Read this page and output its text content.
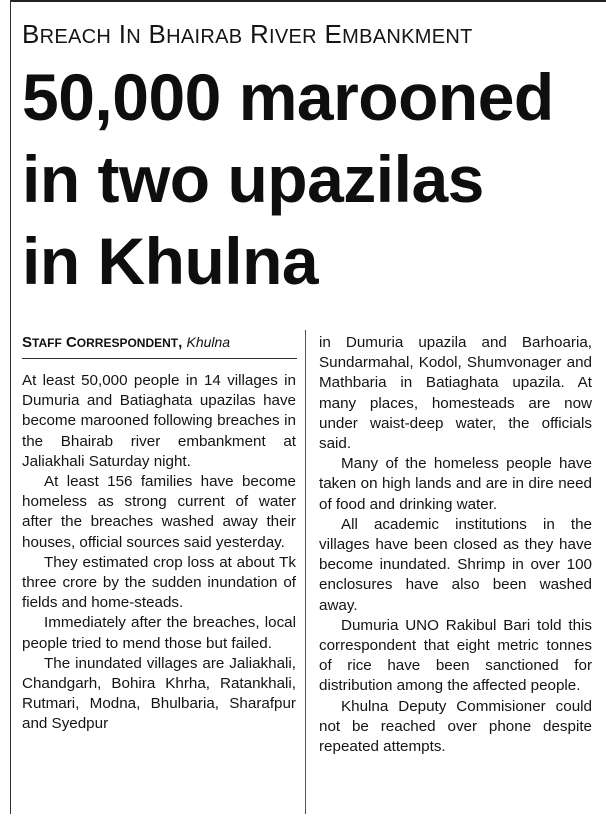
BREACH IN BHAIRAB RIVER EMBANKMENT
50,000 marooned
in two upazilas
in Khulna
STAFF CORRESPONDENT, Khulna

At least 50,000 people in 14 villages in Dumuria and Batiaghata upazilas have become marooned following breaches in the Bhairab river embankment at Jaliakhali Saturday night.

At least 156 families have become homeless as strong current of water after the breaches washed away their houses, official sources said yesterday.

They estimated crop loss at about Tk three crore by the sudden inundation of fields and home-steads.

Immediately after the breaches, local people tried to mend those but failed.

The inundated villages are Jaliakhali, Chandgarh, Bohira Khrha, Ratankhali, Rutmari, Modna, Bhulbaria, Sharafpur and Syedpur

in Dumuria upazila and Barhoaria, Sundarmahal, Kodol, Shumvonager and Mathbaria in Batiaghata upazila. At many places, homesteads are now under waist-deep water, the officials said.

Many of the homeless people have taken on high lands and are in dire need of food and drinking water.

All academic institutions in the villages have been closed as they have become inundated. Shrimp in over 100 enclosures have also been washed away.

Dumuria UNO Rakibul Bari told this correspondent that eight metric tonnes of rice have been sanctioned for distribution among the affected people.

Khulna Deputy Commisioner could not be reached over phone despite repeated attempts.
